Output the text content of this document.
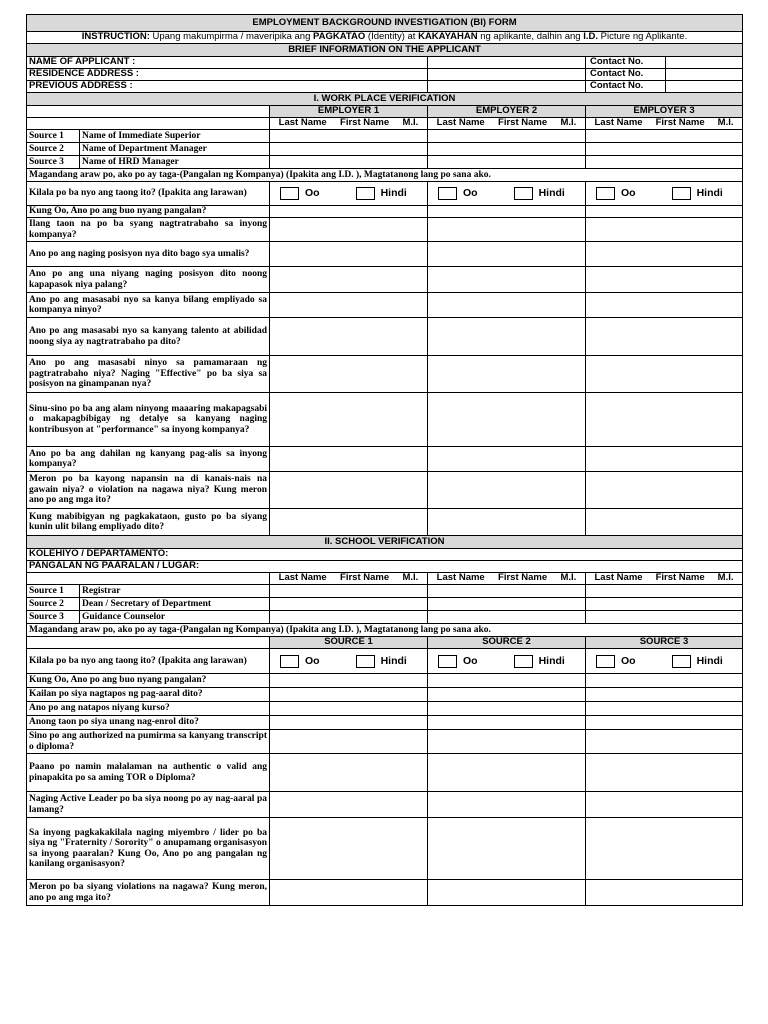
EMPLOYMENT BACKGROUND INVESTIGATION (BI) FORM				
INSTRUCTION: Upang makumpirma / maveripika ang PAGKATAO (Identity) at KAKAYAHAN ng aplikante, dalhin ang I.D. Picture ng Aplikante.				
BRIEF INFORMATION ON THE APPLICANT				
NAME OF APPLICANT :				Contact No.

RESIDENCE ADDRESS :				Contact No.

PREVIOUS ADDRESS :				Contact No.

I. WORK PLACE VERIFICATION				
		EMPLOYER 1	EMPLOYER 2	EMPLOYER 3

		Last Name First Name M.I.	Last Name First Name M.I.	Last Name First Name M.I.

Source 1	Name of Immediate Superior			
Source 2	Name of Department Manager			
Source 3	Name of HRD Manager			
Magandang araw po, ako po ay taga-(Pangalan ng Kompanya) (Ipakita ang I.D. ), Magtatanong lang po sana ako.				
Kilala po ba nyo ang taong ito? (Ipakita ang larawan)		Oo Hindi	Oo Hindi	Oo Hindi

Kung Oo, Ano po ang buo nyang pangalan?				
Ilang taon na po ba syang nagtratrabaho sa inyong kompanya?				
Ano po ang naging posisyon nya dito bago sya umalis?				
Ano po ang una niyang naging posisyon dito noong kapapasok niya palang?				
Ano po ang masasabi nyo sa kanya bilang empliyado sa kompanya ninyo?				
Ano po ang masasabi nyo sa kanyang talento at abilidad noong siya ay nagtratrabaho pa dito?				
Ano po ang masasabi ninyo sa pamamaraan ng pagtratrabaho niya? Naging "Effective" po ba siya sa posisyon na ginampanan nya?				
Sinu-sino po ba ang alam ninyong maaaring makapagsabi o makapagbibigay ng detalye sa kanyang naging kontribusyon at "performance" sa inyong kompanya?				
Ano po ba ang dahilan ng kanyang pag-alis sa inyong kompanya?				
Meron po ba kayong napansin na di kanais-nais na gawain niya? o violation na nagawa niya? Kung meron ano po ang mga ito?				
Kung mabibigyan ng pagkakataon, gusto po ba siyang kunin ulit bilang empliyado dito?				
II. SCHOOL VERIFICATION				
KOLEHIYO / DEPARTAMENTO:				
PANGALAN NG PAARALAN / LUGAR:				

		Last Name First Name M.I.	Last Name First Name M.I.	Last Name First Name M.I.

Source 1	Registrar			
Source 2	Dean / Secretary of Department			
Source 3	Guidance Counselor			
Magandang araw po, ako po ay taga-(Pangalan ng Kompanya) (Ipakita ang I.D. ), Magtatanong lang po sana ako.				
		SOURCE 1	SOURCE 2	SOURCE 3
Kilala po ba nyo ang taong ito? (Ipakita ang larawan)		Oo Hindi	Oo Hindi	Oo Hindi

Kung Oo, Ano po ang buo nyang pangalan?				
Kailan po siya nagtapos ng pag-aaral dito?				
Ano po ang natapos niyang kurso?				
Anong taon po siya unang nag-enrol dito?				
Sino po ang authorized na pumirma sa kanyang transcript o diploma?				
Paano po namin malalaman na authentic o valid ang pinapakita po sa aming TOR o Diploma?				
Naging Active Leader po ba siya noong po ay nag-aaral pa lamang?				
Sa inyong pagkakakilala naging miyembro / lider po ba siya ng "Fraternity / Sorority" o anupamang organisasyon sa inyong paaralan? Kung Oo, Ano po ang pangalan ng kanilang organisasyon?				
Meron po ba siyang violations na nagawa? Kung meron, ano po ang mga ito?				
